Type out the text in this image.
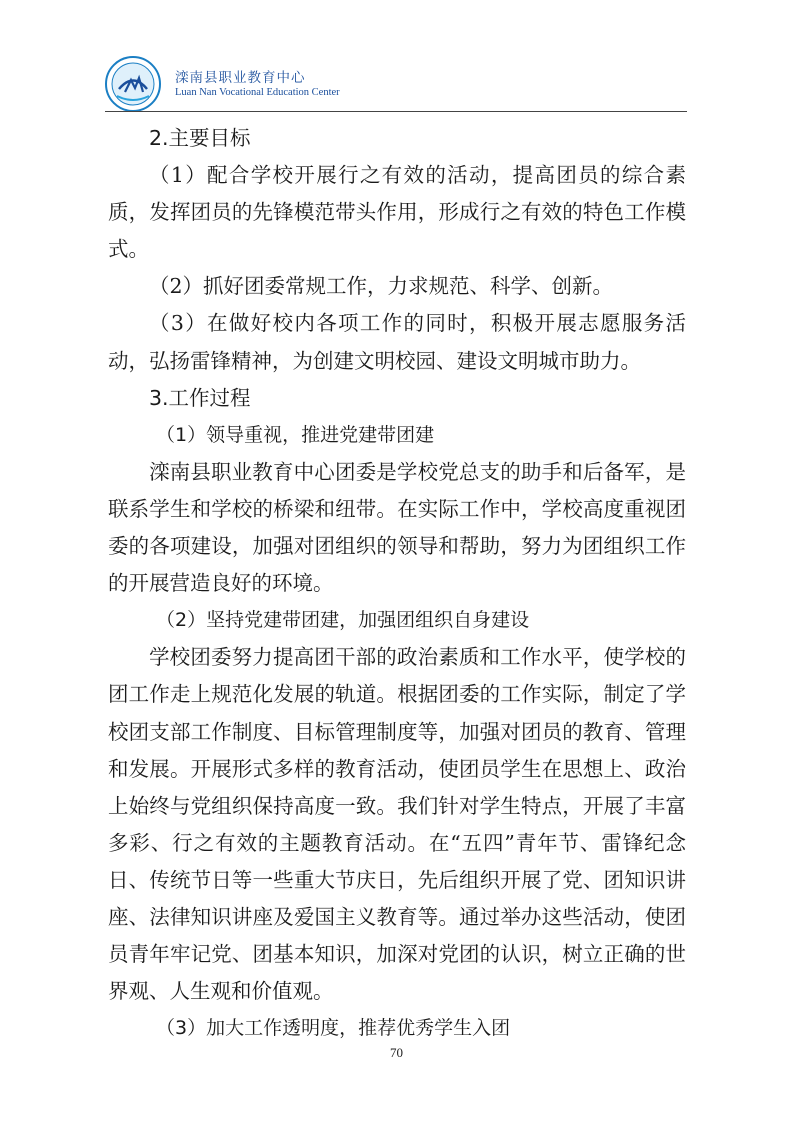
滦南县职业教育中心
Luan Nan Vocational Education Center

2.主要目标

（1）配合学校开展行之有效的活动，提高团员的综合素质，发挥团员的先锋模范带头作用，形成行之有效的特色工作模式。

（2）抓好团委常规工作，力求规范、科学、创新。

（3）在做好校内各项工作的同时，积极开展志愿服务活动，弘扬雷锋精神，为创建文明校园、建设文明城市助力。

3.工作过程

（1）领导重视，推进党建带团建

滦南县职业教育中心团委是学校党总支的助手和后备军，是联系学生和学校的桥梁和纽带。在实际工作中，学校高度重视团委的各项建设，加强对团组织的领导和帮助，努力为团组织工作的开展营造良好的环境。

（2）坚持党建带团建，加强团组织自身建设

学校团委努力提高团干部的政治素质和工作水平，使学校的团工作走上规范化发展的轨道。根据团委的工作实际，制定了学校团支部工作制度、目标管理制度等，加强对团员的教育、管理和发展。开展形式多样的教育活动，使团员学生在思想上、政治上始终与党组织保持高度一致。我们针对学生特点，开展了丰富多彩、行之有效的主题教育活动。在“五四”青年节、雷锋纪念日、传统节日等一些重大节庆日，先后组织开展了党、团知识讲座、法律知识讲座及爱国主义教育等。通过举办这些活动，使团员青年牢记党、团基本知识，加深对党团的认识，树立正确的世界观、人生观和价值观。

（3）加大工作透明度，推荐优秀学生入团

70
